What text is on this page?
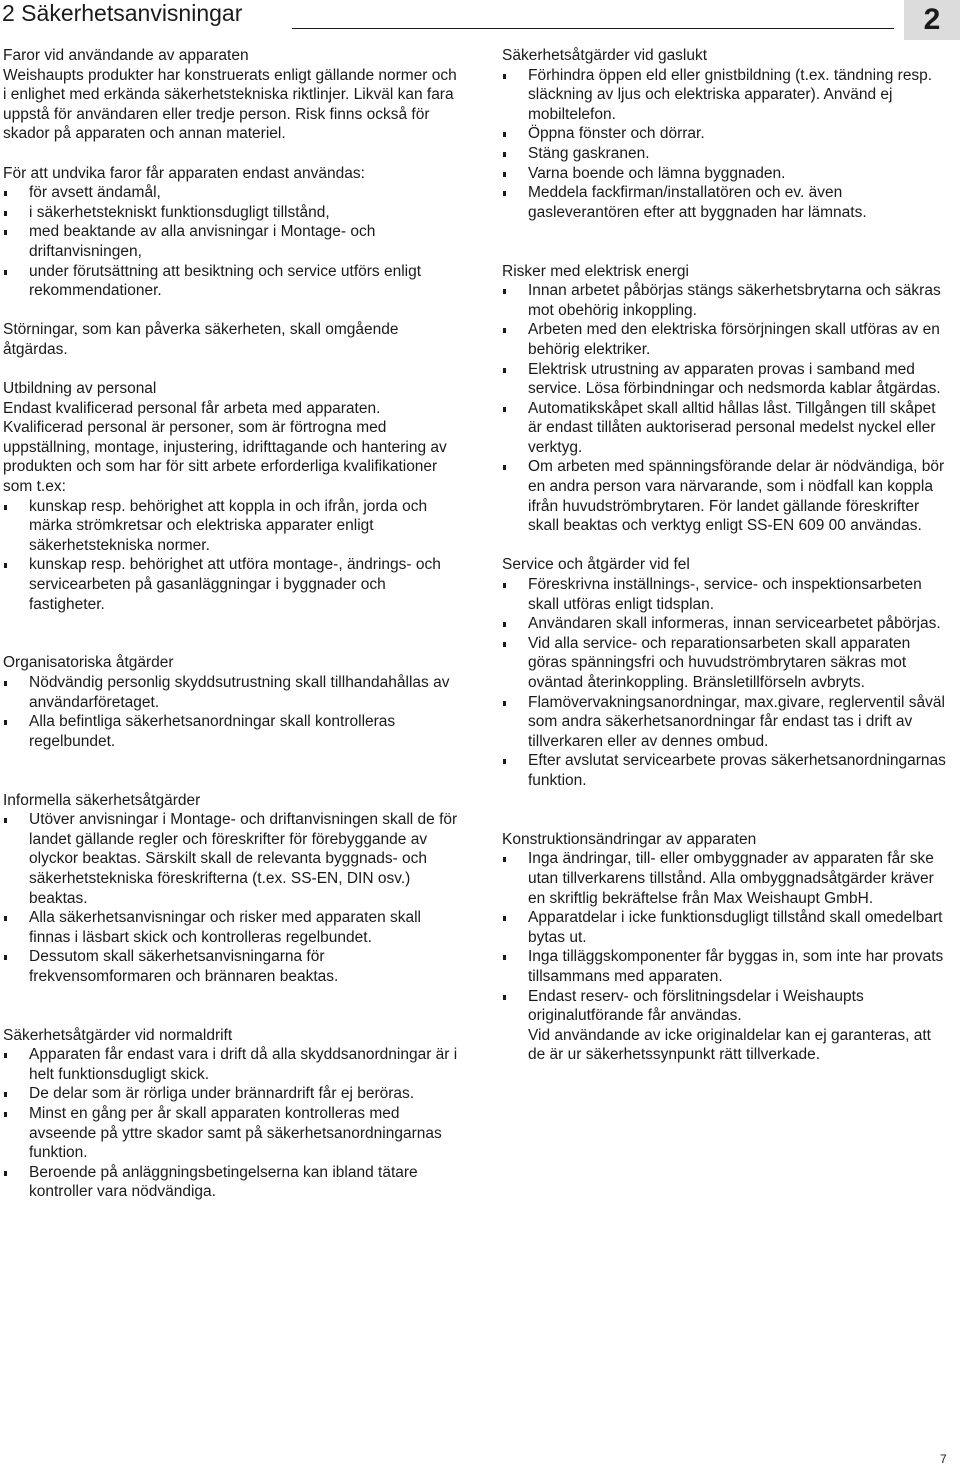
2 Säkerhetsanvisningar	2
Faror vid användande av apparaten

Weishaupts produkter har konstruerats enligt gällande normer och i enlighet med erkända säkerhetstekniska riktlinjer. Likväl kan fara uppstå för användaren eller tredje person. Risk finns också för skador på apparaten och annan materiel.

För att undvika faror får apparaten endast användas:

för avsett ändamål,
i säkerhetstekniskt funktionsdugligt tillstånd,
med beaktande av alla anvisningar i Montage- och driftanvisningen,
under förutsättning att besiktning och service utförs enligt rekommendationer.

Störningar, som kan påverka säkerheten, skall omgående åtgärdas.

Utbildning av personal

Endast kvalificerad personal får arbeta med apparaten.

Kvalificerad personal är personer, som är förtrogna med uppställning, montage, injustering, idrifttagande och hantering av produkten och som har för sitt arbete erforderliga kvalifikationer som t.ex:

kunskap resp. behörighet att koppla in och ifrån, jorda och märka strömkretsar och elektriska apparater enligt säkerhetstekniska normer.
kunskap resp. behörighet att utföra montage-, ändrings- och servicearbeten på gasanläggningar i byggnader och fastigheter.
Organisatoriska åtgärder
Nödvändig personlig skyddsutrustning skall tillhandahållas av användarföretaget.
Alla befintliga säkerhetsanordningar skall kontrolleras regelbundet.
Informella säkerhetsåtgärder
Utöver anvisningar i Montage- och driftanvisningen skall de för landet gällande regler och föreskrifter för förebyggande av olyckor beaktas. Särskilt skall de relevanta byggnads- och säkerhetstekniska föreskrifterna (t.ex. SS-EN, DIN osv.) beaktas.
Alla säkerhetsanvisningar och risker med apparaten skall finnas i läsbart skick och kontrolleras regelbundet.
Dessutom skall säkerhetsanvisningarna för frekvensomformaren och brännaren beaktas.
Säkerhetsåtgärder vid normaldrift
Apparaten får endast vara i drift då alla skyddsanordningar är i helt funktionsdugligt skick.
De delar som är rörliga under brännardrift får ej beröras.
Minst en gång per år skall apparaten kontrolleras med avseende på yttre skador samt på säkerhetsanordningarnas funktion.
Beroende på anläggningsbetingelserna kan ibland tätare kontroller vara nödvändiga.
Säkerhetsåtgärder vid gaslukt
Förhindra öppen eld eller gnistbildning (t.ex. tändning resp. släckning av ljus och elektriska apparater). Använd ej mobiltelefon.
Öppna fönster och dörrar.
Stäng gaskranen.
Varna boende och lämna byggnaden.
Meddela fackfirman/installatören och ev. även gasleverantören efter att byggnaden har lämnats.
Risker med elektrisk energi
Innan arbetet påbörjas stängs säkerhetsbrytarna och säkras mot obehörig inkoppling.
Arbeten med den elektriska försörjningen skall utföras av en behörig elektriker.
Elektrisk utrustning av apparaten provas i samband med service. Lösa förbindningar och nedsmorda kablar åtgärdas.
Automatikskåpet skall alltid hållas låst. Tillgången till skåpet är endast tillåten auktoriserad personal medelst nyckel eller verktyg.
Om arbeten med spänningsförande delar är nödvändiga, bör en andra person vara närvarande, som i nödfall kan koppla ifrån huvudströmbrytaren. För landet gällande föreskrifter skall beaktas och verktyg enligt SS-EN 609 00 användas.
Service och åtgärder vid fel
Föreskrivna inställnings-, service- och inspektionsarbeten skall utföras enligt tidsplan.
Användaren skall informeras, innan servicearbetet påbörjas.
Vid alla service- och reparationsarbeten skall apparaten göras spänningsfri och huvudströmbrytaren säkras mot oväntad återinkoppling. Bränsletillförseln avbryts.
Flamövervakningsanordningar, max.givare, reglerventil såväl som andra säkerhetsanordningar får endast tas i drift av tillverkaren eller av dennes ombud.
Efter avslutat servicearbete provas säkerhetsanordningarnas funktion.
Konstruktionsändringar av apparaten
Inga ändringar, till- eller ombyggnader av apparaten får ske utan tillverkarens tillstånd. Alla ombyggnadsåtgärder kräver en skriftlig bekräftelse från Max Weishaupt GmbH.
Apparatdelar i icke funktionsdugligt tillstånd skall omedelbart bytas ut.
Inga tilläggskomponenter får byggas in, som inte har provats tillsammans med apparaten.
Endast reserv- och förslitningsdelar i Weishaupts originalutförande får användas.

Vid användande av icke originaldelar kan ej garanteras, att de är ur säkerhetssynpunkt rätt tillverkade.

7
